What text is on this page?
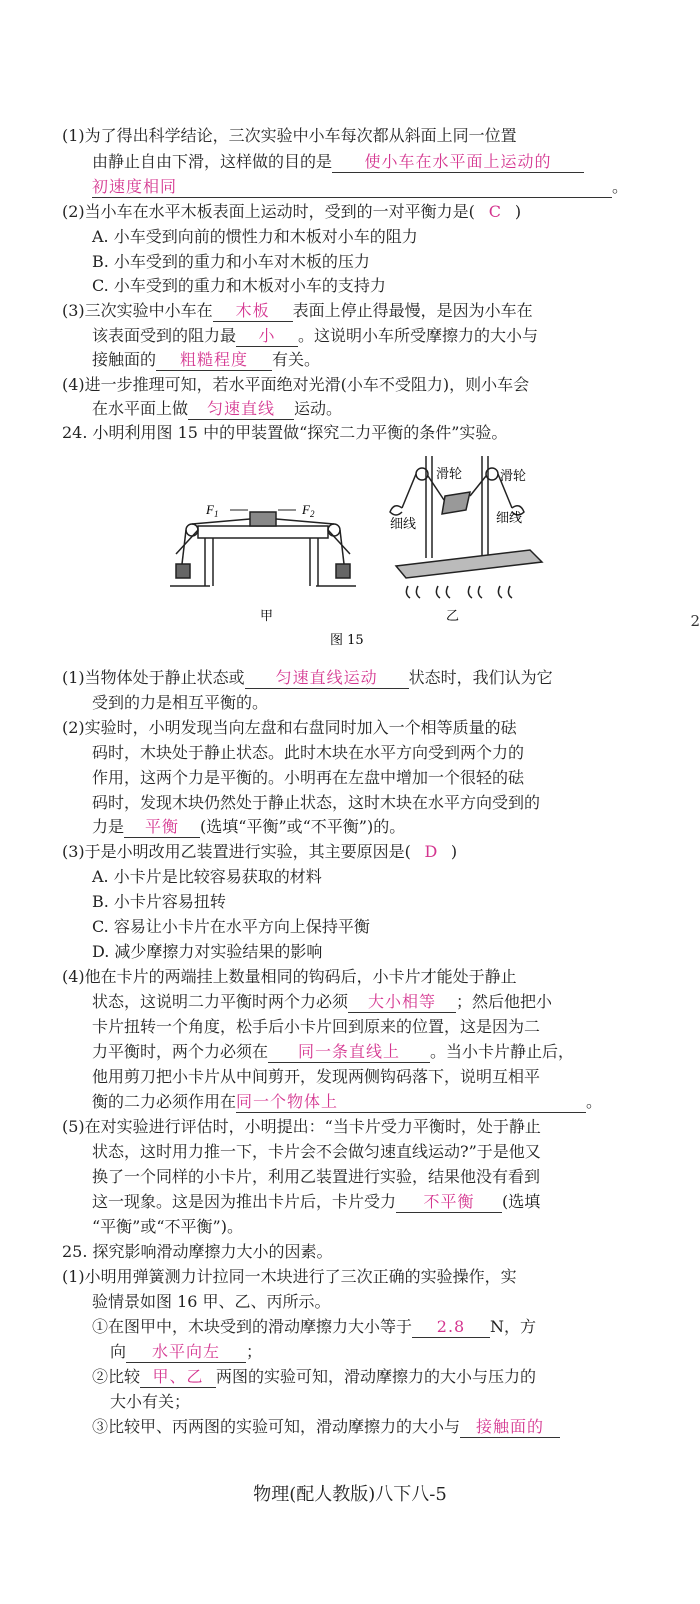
(1)为了得出科学结论，三次实验中小车每次都从斜面上同一位置
由静止自由下滑，这样做的目的是 使小车在水平面上运动的
初速度相同	。
(2)当小车在水平木板表面上运动时，受到的一对平衡力是( C )
A. 小车受到向前的惯性力和木板对小车的阻力
B. 小车受到的重力和小车对木板的压力
C. 小车受到的重力和木板对小车的支持力
(3)三次实验中小车在 木板 表面上停止得最慢，是因为小车在
该表面受到的阻力最 小 。这说明小车所受摩擦力的大小与
接触面的 粗糙程度 有关。
(4)进一步推理可知，若水平面绝对光滑(小车不受阻力)，则小车会
在水平面上做 匀速直线 运动。
24. 小明利用图 15 中的甲装置做“探究二力平衡的条件”实验。
$F_1$	$F_2$
滑轮	滑轮
细线	细线
甲	乙
图 15
(1)当物体处于静止状态或 匀速直线运动 状态时，我们认为它
受到的力是相互平衡的。
(2)实验时，小明发现当向左盘和右盘同时加入一个相等质量的砝
码时，木块处于静止状态。此时木块在水平方向受到两个力的
作用，这两个力是平衡的。小明再在左盘中增加一个很轻的砝
码时，发现木块仍然处于静止状态，这时木块在水平方向受到的
力是 平衡 (选填“平衡”或“不平衡”)的。
(3)于是小明改用乙装置进行实验，其主要原因是( D )
A. 小卡片是比较容易获取的材料
B. 小卡片容易扭转
C. 容易让小卡片在水平方向上保持平衡
D. 减少摩擦力对实验结果的影响
(4)他在卡片的两端挂上数量相同的钩码后，小卡片才能处于静止
状态，这说明二力平衡时两个力必须 大小相等 ；然后他把小
卡片扭转一个角度，松手后小卡片回到原来的位置，这是因为二
力平衡时，两个力必须在 同一条直线上 。当小卡片静止后，
他用剪刀把小卡片从中间剪开，发现两侧钩码落下，说明互相平
衡的二力必须作用在同一个物体上	。
(5)在对实验进行评估时，小明提出：“当卡片受力平衡时，处于静止
状态，这时用力推一下，卡片会不会做匀速直线运动?”于是他又
换了一个同样的小卡片，利用乙装置进行实验，结果他没有看到
这一现象。这是因为推出卡片后，卡片受力 不平衡 (选填
“平衡”或“不平衡”)。
25. 探究影响滑动摩擦力大小的因素。
(1)小明用弹簧测力计拉同一木块进行了三次正确的实验操作，实
验情景如图 16 甲、乙、丙所示。
①在图甲中，木块受到的滑动摩擦力大小等于 2.8 N，方
向 水平向左 ；
②比较 甲、乙 两图的实验可知，滑动摩擦力的大小与压力的
大小有关；
③比较甲、丙两图的实验可知，滑动摩擦力的大小与 接触面的
物理(配人教版)八下八-5
2
